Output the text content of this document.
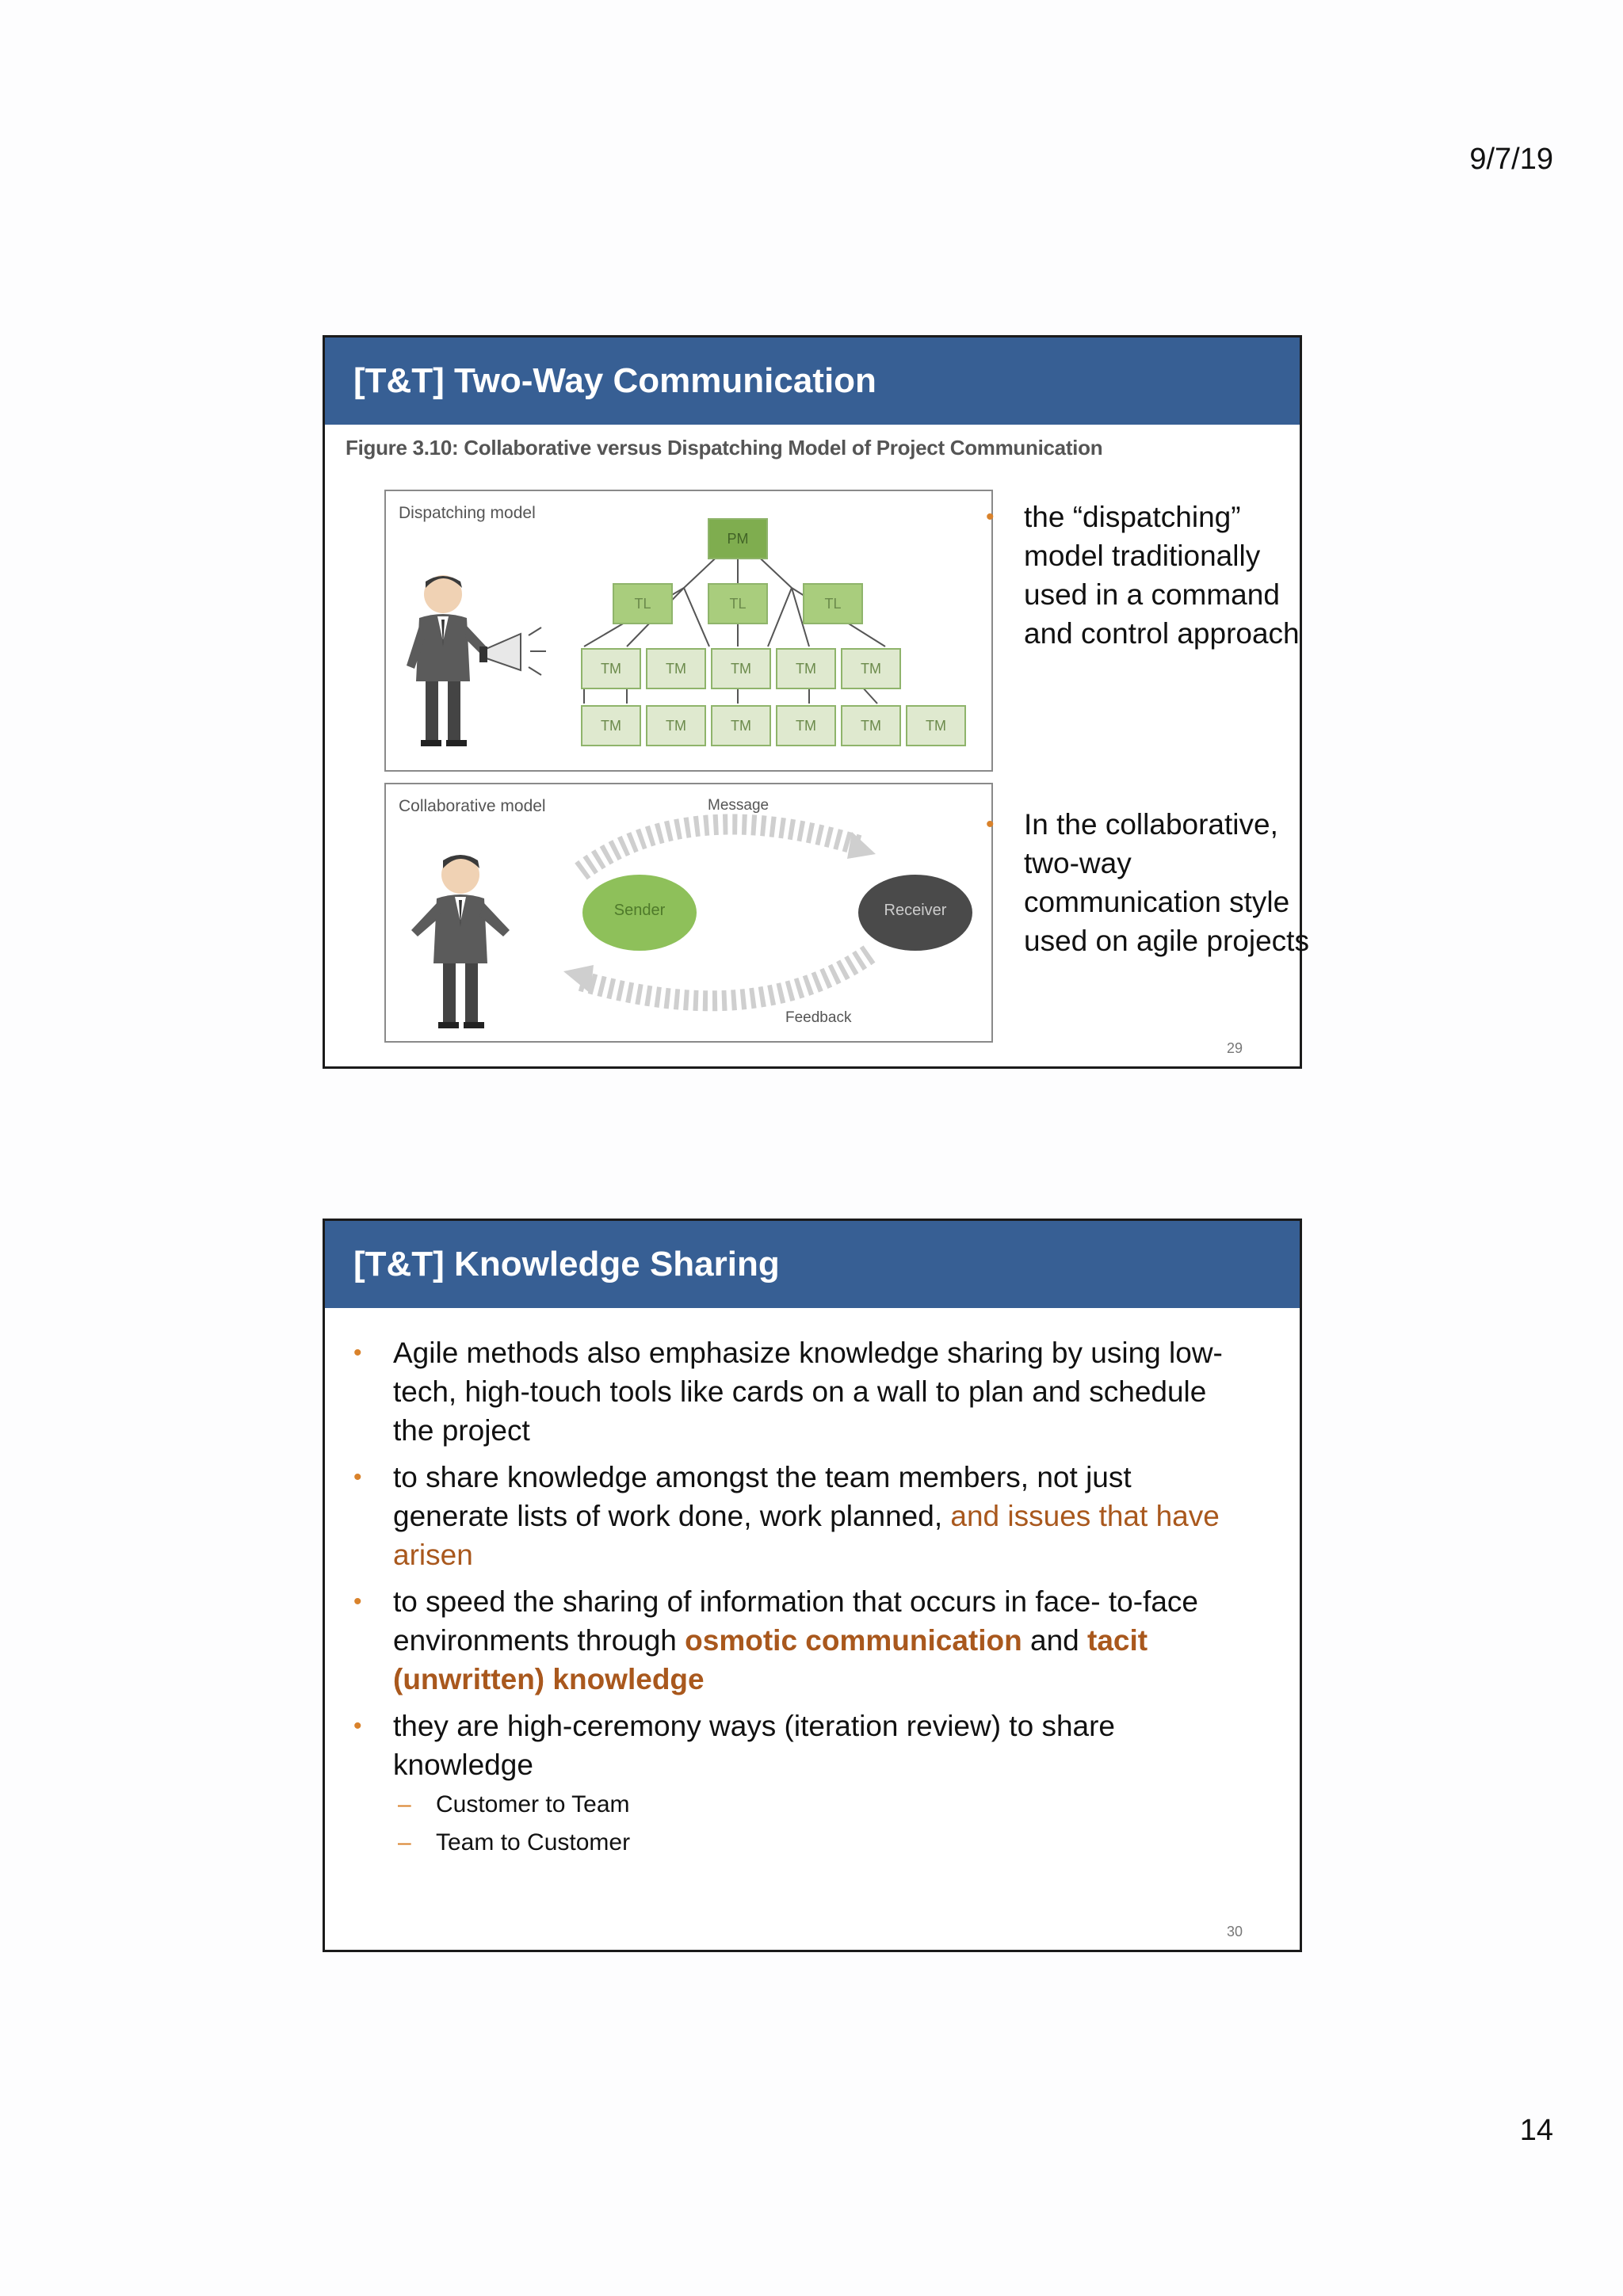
9/7/19
[T&T] Two-Way Communication
Figure 3.10: Collaborative versus Dispatching Model of Project Communication
Dispatching model
PM
TL	TL	TL
TM	TM	TM	TM	TM
TM	TM	TM	TM	TM	TM
Collaborative model	Message
Feedback
Sender	Receiver
• the “dispatching” model traditionally used in a command and control approach
• In the collaborative, two-way communication style used on agile projects
29
[T&T] Knowledge Sharing
• Agile methods also emphasize knowledge sharing by using low-tech, high-touch tools like cards on a wall to plan and schedule the project
• to share knowledge amongst the team members, not just generate lists of work done, work planned, and issues that have arisen
• to speed the sharing of information that occurs in face- to-face environments through osmotic communication and tacit (unwritten) knowledge
• they are high-ceremony ways (iteration review) to share knowledge
– Customer to Team
– Team to Customer
30
14
